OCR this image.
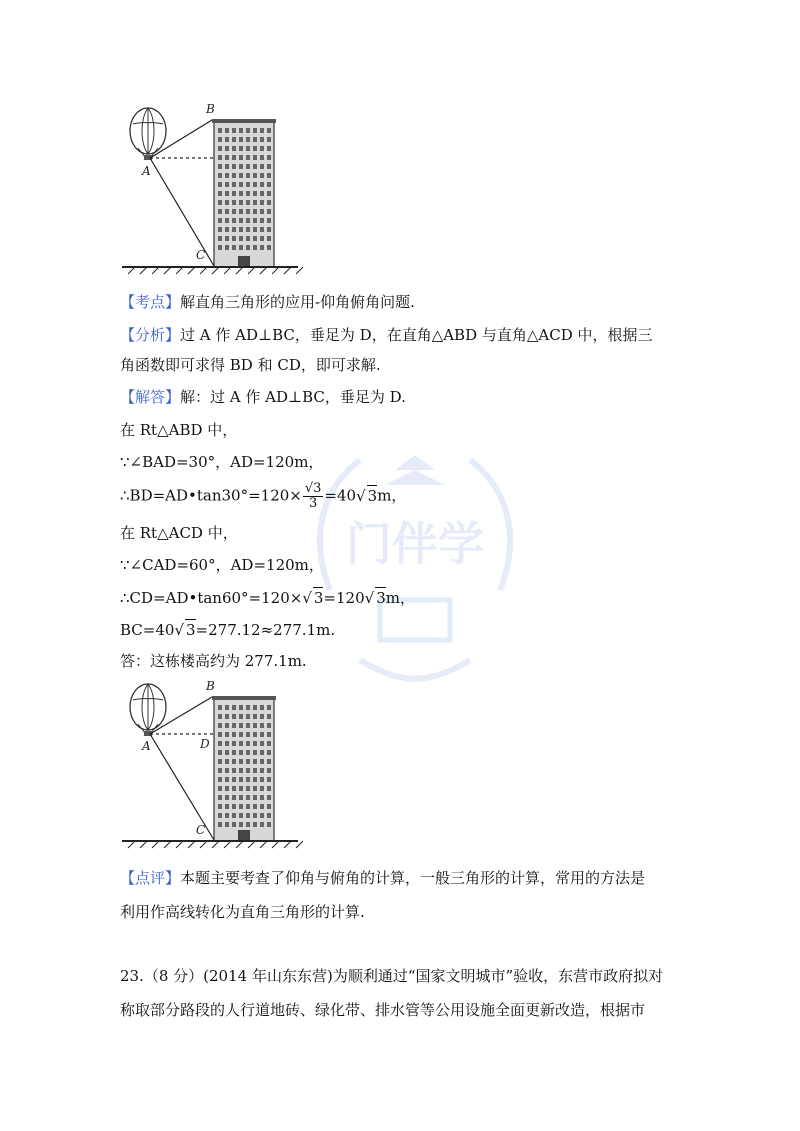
B
A
C
【考点】解直角三角形的应用-仰角俯角问题.
【分析】过 A 作 AD⊥BC，垂足为 D，在直角△ABD 与直角△ACD 中，根据三
角函数即可求得 BD 和 CD，即可求解.
【解答】解：过 A 作 AD⊥BC，垂足为 D.
在 Rt△ABD 中，
∵∠BAD=30°，AD=120m，
∴BD=AD•tan30°=120× $\frac{√3}{3} =40√$ 3m，
在 Rt△ACD 中，
∵∠CAD=60°，AD=120m，
∴CD=AD•tan60°=120×√ 3=120√ 3m，
BC=40√ 3=277.12≈277.1m.
答：这栋楼高约为 277.1m.
B
A	D
C
【点评】本题主要考查了仰角与俯角的计算，一般三角形的计算，常用的方法是
利用作高线转化为直角三角形的计算.
23.（8 分）(2014 年山东东营)为顺利通过“国家文明城市”验收，东营市政府拟对
称取部分路段的人行道地砖、绿化带、排水管等公用设施全面更新改造，根据市
门伴学
